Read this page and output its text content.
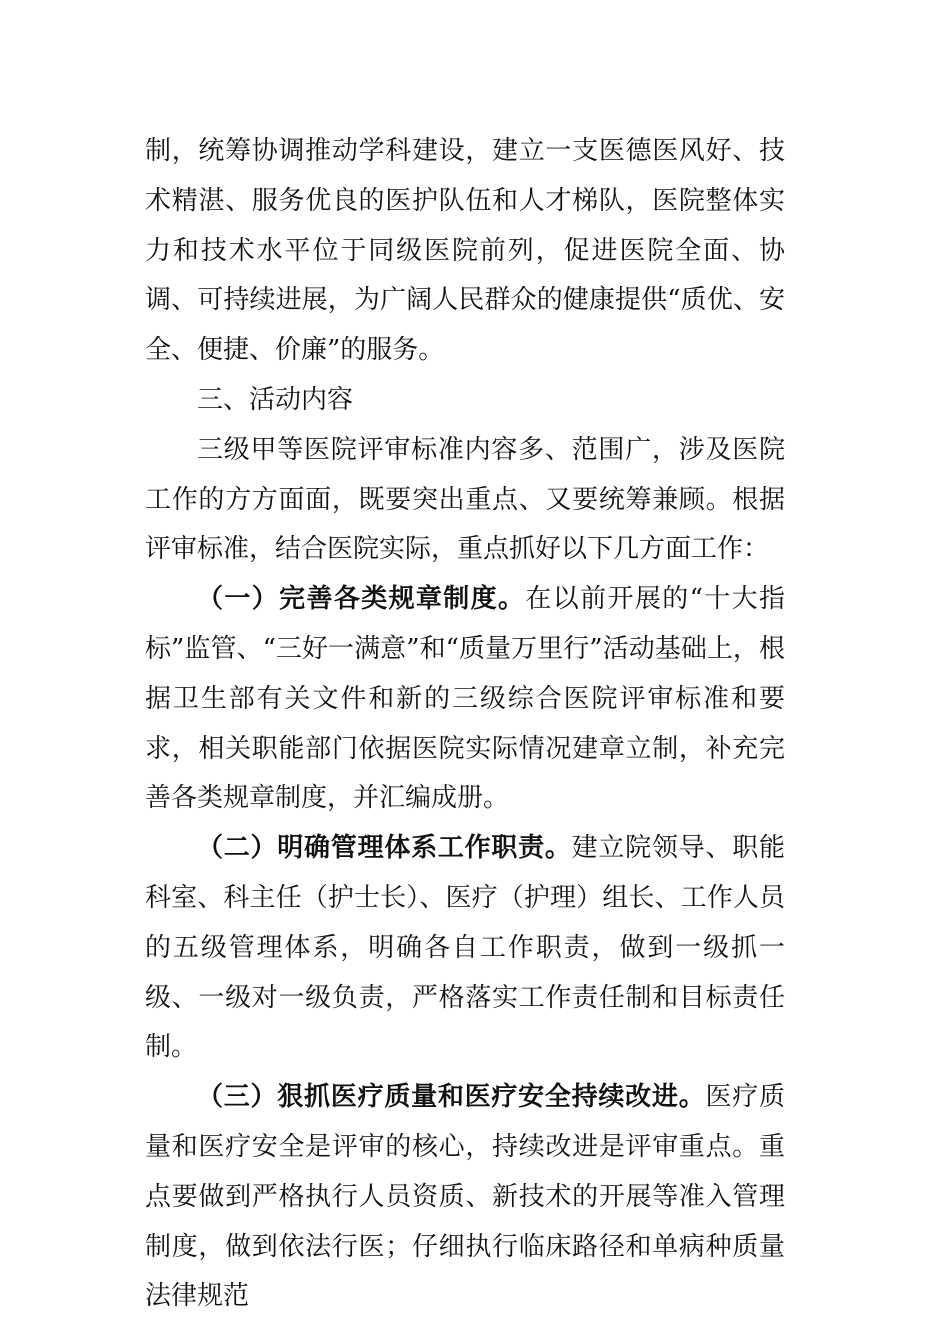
制，统筹协调推动学科建设，建立一支医德医风好、技术精湛、服务优良的医护队伍和人才梯队，医院整体实力和技术水平位于同级医院前列，促进医院全面、协调、可持续进展，为广阔人民群众的健康提供“质优、安全、便捷、价廉”的服务。

三、活动内容

三级甲等医院评审标准内容多、范围广，涉及医院工作的方方面面，既要突出重点、又要统筹兼顾。根据评审标准，结合医院实际，重点抓好以下几方面工作：

（一）完善各类规章制度。在以前开展的“十大指标”监管、“三好一满意”和“质量万里行”活动基础上，根据卫生部有关文件和新的三级综合医院评审标准和要求，相关职能部门依据医院实际情况建章立制，补充完善各类规章制度，并汇编成册。

（二）明确管理体系工作职责。建立院领导、职能科室、科主任（护士长）、医疗（护理）组长、工作人员的五级管理体系，明确各自工作职责，做到一级抓一级、一级对一级负责，严格落实工作责任制和目标责任制。

（三）狠抓医疗质量和医疗安全持续改进。医疗质量和医疗安全是评审的核心，持续改进是评审重点。重点要做到严格执行人员资质、新技术的开展等准入管理制度，做到依法行医；仔细执行临床路径和单病种质量法律规范
